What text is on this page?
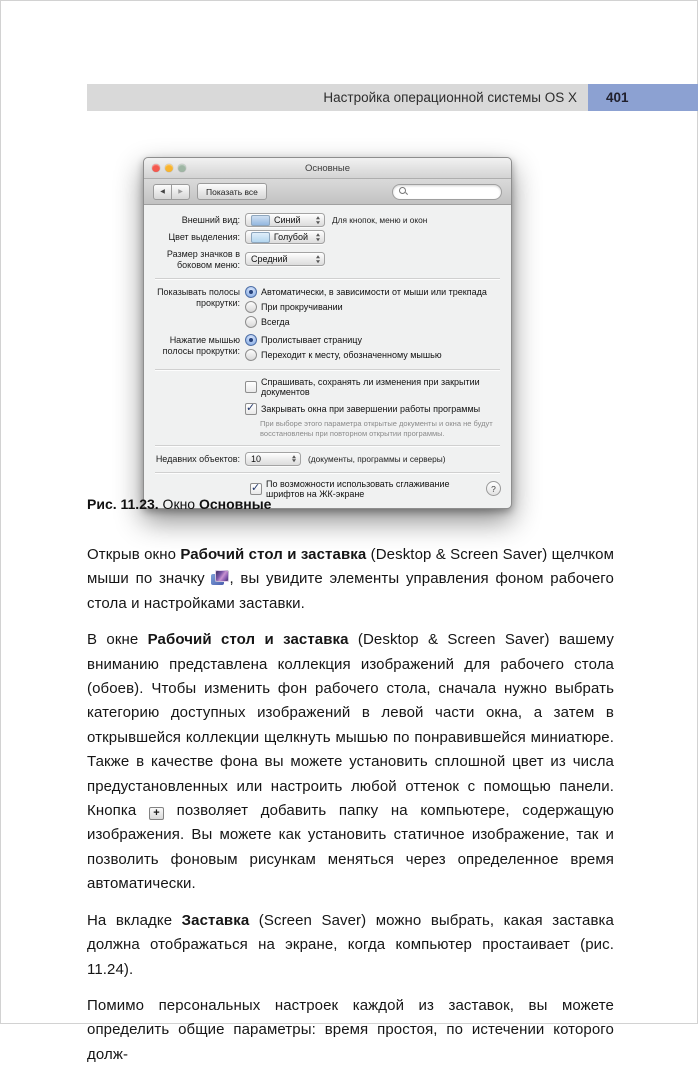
Настройка операционной системы OS X	401
Основные
◀ ▶	Показать все
Внешний вид:	Синий	Для кнопок, меню и окон
Цвет выделения:	Голубой
Размер значков в боковом меню:
Средний
Показывать полосы прокрутки:
Автоматически, в зависимости от мыши или трекпада
При прокручивании
Всегда
Нажатие мышью полосы прокрутки:
Пролистывает страницу
Переходит к месту, обозначенному мышью
Спрашивать, сохранять ли изменения при закрытии документов
✓
Закрывать окна при завершении работы программы
При выборе этого параметра открытые документы и окна не будут восстановлены при повторном открытии программы.
Недавних объектов: 10	(документы, программы и серверы)
✓
По возможности использовать сглаживание шрифтов на ЖК-экране	?
Рис. 11.23. Окно Основные

Открыв окно Рабочий стол и заставка (Desktop & Screen Saver) щелчком мыши по значку
, вы увидите элементы управления фоном рабочего стола и настройками заставки.

В окне Рабочий стол и заставка (Desktop & Screen Saver) вашему вниманию представлена коллекция изображений для рабочего стола (обоев). Чтобы изменить фон рабочего стола, сначала нужно выбрать категорию доступных изображений в левой части окна, а затем в открывшейся коллекции щелкнуть мышью по понравившейся миниатюре. Также в качестве фона вы можете установить сплошной цвет из числа предустановленных или настроить любой оттенок с помощью панели. Кнопка + позволяет добавить папку на компьютере, содержащую изображения. Вы можете как установить статичное изображение, так и позволить фоновым рисункам меняться через определенное время автоматически.

На вкладке Заставка (Screen Saver) можно выбрать, какая заставка должна отображаться на экране, когда компьютер простаивает (рис. 11.24).

Помимо персональных настроек каждой из заставок, вы можете определить общие параметры: время простоя, по истечении которого долж-
